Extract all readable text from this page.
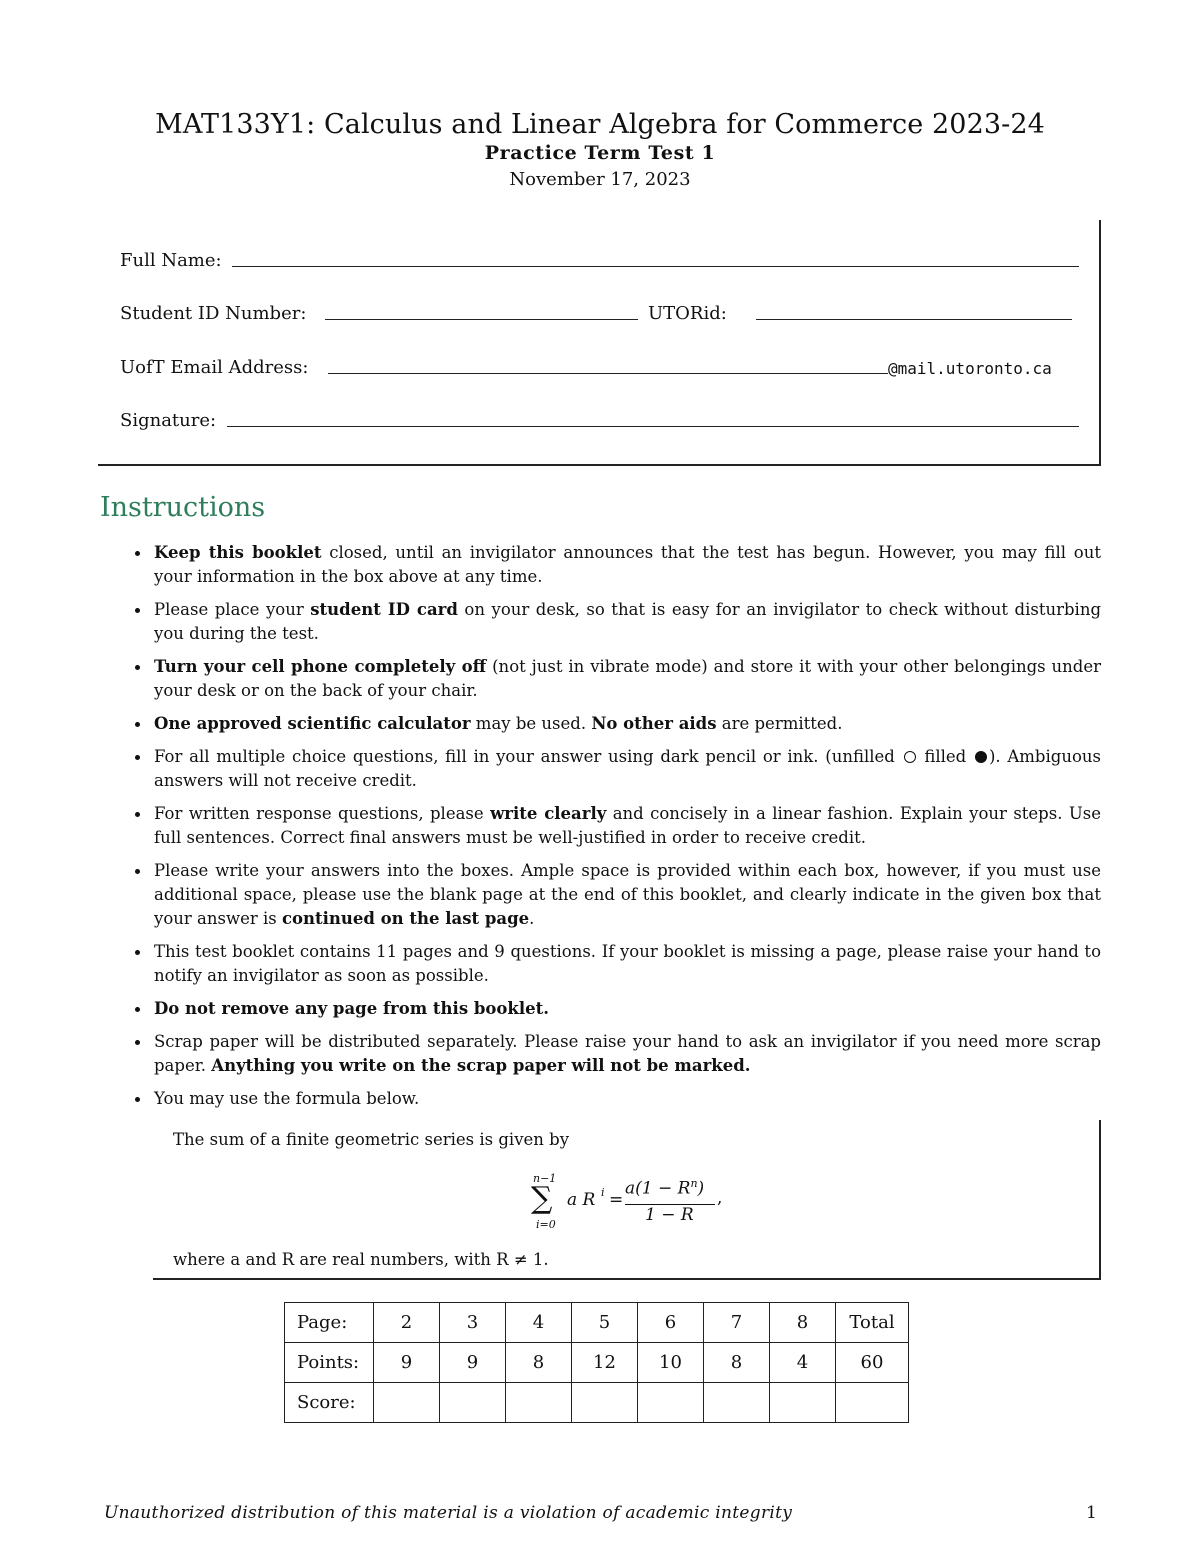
MAT133Y1: Calculus and Linear Algebra for Commerce 2023-24
Practice Term Test 1
November 17, 2023
Full Name:
Student ID Number:	UTORid:
UofT Email Address:	@mail.utoronto.ca
Signature:
Instructions
Keep this booklet closed, until an invigilator announces that the test has begun. However, you may fill out your information in the box above at any time.
Please place your student ID card on your desk, so that is easy for an invigilator to check without disturbing you during the test.
Turn your cell phone completely off (not just in vibrate mode) and store it with your other belongings under your desk or on the back of your chair.
One approved scientific calculator may be used. No other aids are permitted.
For all multiple choice questions, fill in your answer using dark pencil or ink. (unfilled  filled ). Ambiguous answers will not receive credit.
For written response questions, please write clearly and concisely in a linear fashion. Explain your steps. Use full sentences. Correct final answers must be well-justified in order to receive credit.
Please write your answers into the boxes. Ample space is provided within each box, however, if you must use additional space, please use the blank page at the end of this booklet, and clearly indicate in the given box that your answer is continued on the last page.
This test booklet contains 11 pages and 9 questions. If your booklet is missing a page, please raise your hand to notify an invigilator as soon as possible.
Do not remove any page from this booklet.
Scrap paper will be distributed separately. Please raise your hand to ask an invigilator if you need more scrap paper. Anything you write on the scrap paper will not be marked.
You may use the formula below.
The sum of a finite geometric series is given by
n−1
∑
i=0
a R i =
$a(1 - R^n)$
1 − R
,
where a and R are real numbers, with R ≠ 1.
Page:	2	3	4	5	6	7	8	Total
Points:	9	9	8	12	10	8	4	60
Score:								
Unauthorized distribution of this material is a violation of academic integrity	1
